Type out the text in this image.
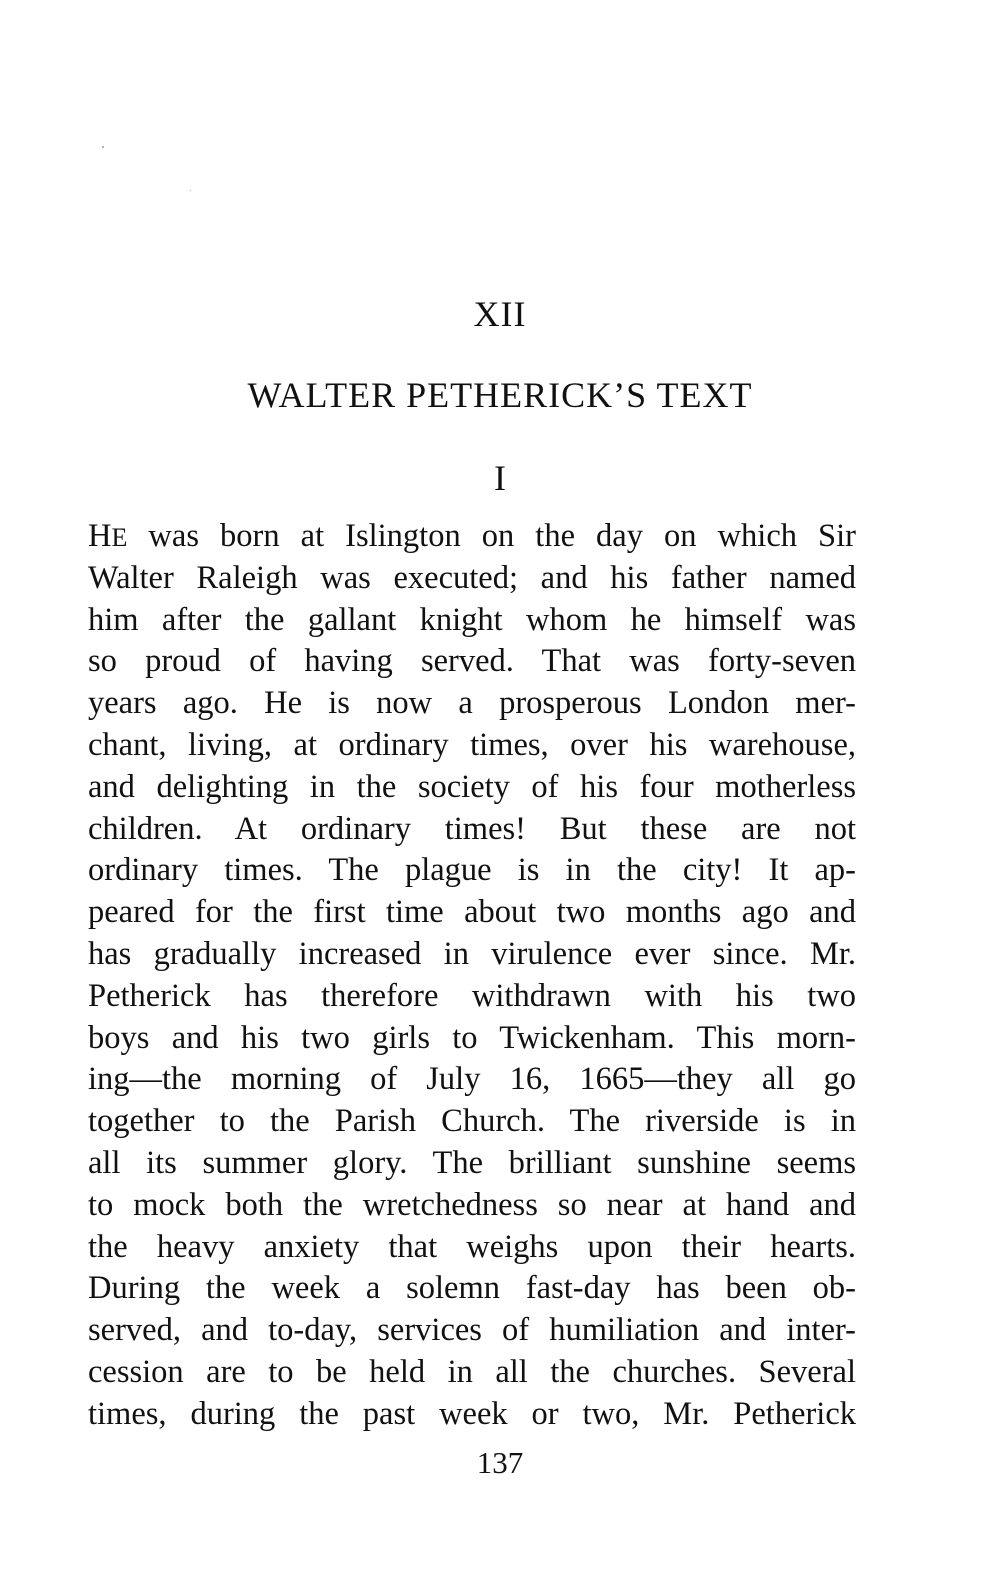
XII
WALTER PETHERICK’S TEXT
I
HE was born at Islington on the day on which Sir
Walter Raleigh was executed; and his father named
him after the gallant knight whom he himself was
so proud of having served. That was forty-seven
years ago. He is now a prosperous London mer-
chant, living, at ordinary times, over his warehouse,
and delighting in the society of his four motherless
children. At ordinary times! But these are not
ordinary times. The plague is in the city! It ap-
peared for the first time about two months ago and
has gradually increased in virulence ever since. Mr.
Petherick has therefore withdrawn with his two
boys and his two girls to Twickenham. This morn-
ing—the morning of July 16, 1665—they all go
together to the Parish Church. The riverside is in
all its summer glory. The brilliant sunshine seems
to mock both the wretchedness so near at hand and
the heavy anxiety that weighs upon their hearts.
During the week a solemn fast-day has been ob-
served, and to-day, services of humiliation and inter-
cession are to be held in all the churches. Several
times, during the past week or two, Mr. Petherick
137
